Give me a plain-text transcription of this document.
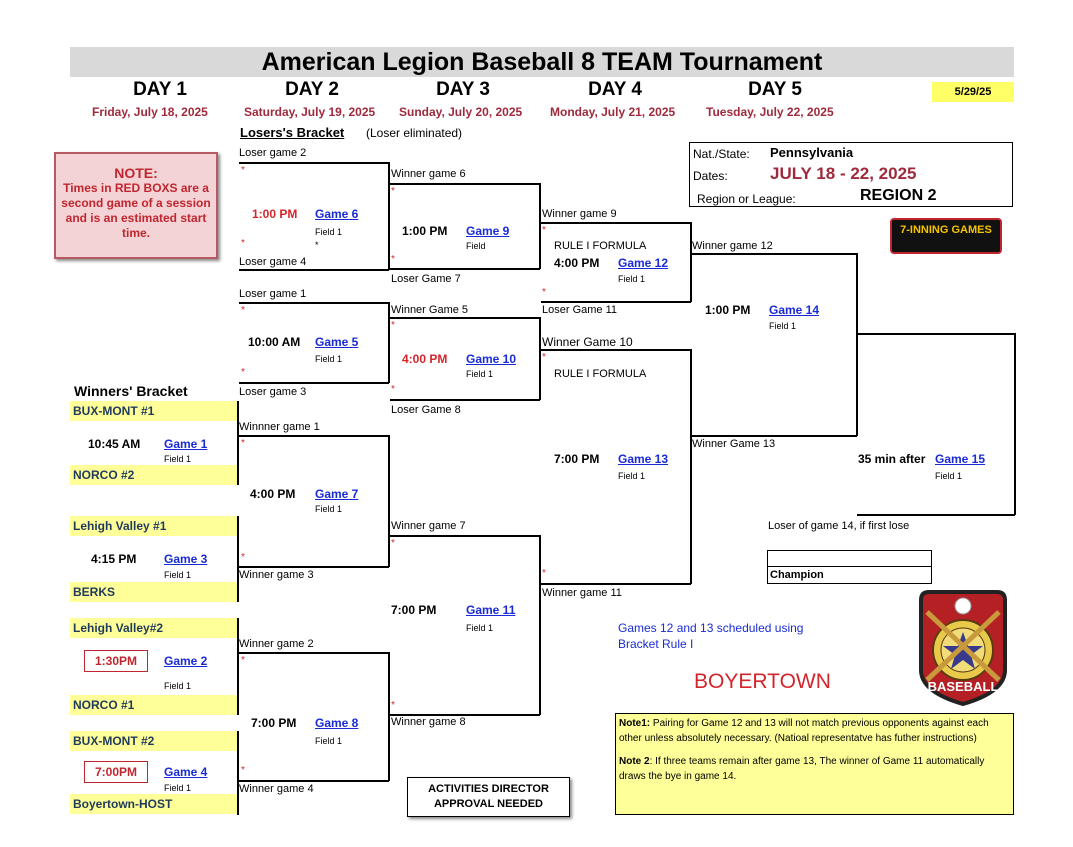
American Legion Baseball 8 TEAM Tournament
DAY 1	DAY 2	DAY 3	DAY 4	DAY 5	5/29/25
Friday, July 18, 2025	Saturday, July 19, 2025 Sunday, July 20, 2025 Monday, July 21, 2025	Tuesday, July 22, 2025
Losers's Bracket (Loser eliminated)
NOTE:
Times in RED BOXS are a second game of a session and is an estimated start time.
Nat./State: Pennsylvania
Dates: JULY 18 - 22, 2025
Region or League:	REGION 2
7-INNING GAMES
Winners' Bracket
BUX-MONT #1
NORCO #2
Lehigh Valley #1
BERKS
Lehigh Valley#2
NORCO #1
BUX-MONT #2
Boyertown-HOST
10:45 AM Game 1
Field 1
4:15 PM Game 3
Field 1
1:30PM	Game 2
Field 1
7:00PM	Game 4
Field 1
Loser game 2
*
1:00 PM Game 6
Field 1
*
*
Loser game 4
Loser game 1
*
10:00 AM Game 5
Field 1
*
Loser game 3
Winnner game 1
*
4:00 PM Game 7
Field 1
*
Winner game 3
Winner game 2
*
7:00 PM Game 8
Field 1
*
Winner game 4
Winner game 6
*
1:00 PM Game 9
Field
*
Loser Game 7
Winner Game 5
*
4:00 PM Game 10
Field 1
*
Loser Game 8
Winner game 7
*
7:00 PM Game 11
Field 1
*
Winner game 8
Winner game 9
*
RULE I FORMULA
4:00 PM Game 12
Field 1
*
Loser Game 11
Winner Game 10
*
RULE I FORMULA
7:00 PM Game 13
Field 1
*
Winner game 11
Winner game 12
1:00 PM Game 14
Field 1
Winner Game 13
35 min after Game 15
Field 1
Loser of game 14, if first lose
Champion
Games 12 and 13 scheduled using Bracket Rule I
BOYERTOWN	BASEBALL
Note1: Pairing for Game 12 and 13 will not match previous opponents against each other unless absolutely necessary. (Natioal representatve has futher instructions)
Note 2: If three teams remain after game 13, The winner of Game 11 automatically draws the bye in game 14.
ACTIVITIES DIRECTOR APPROVAL NEEDED
